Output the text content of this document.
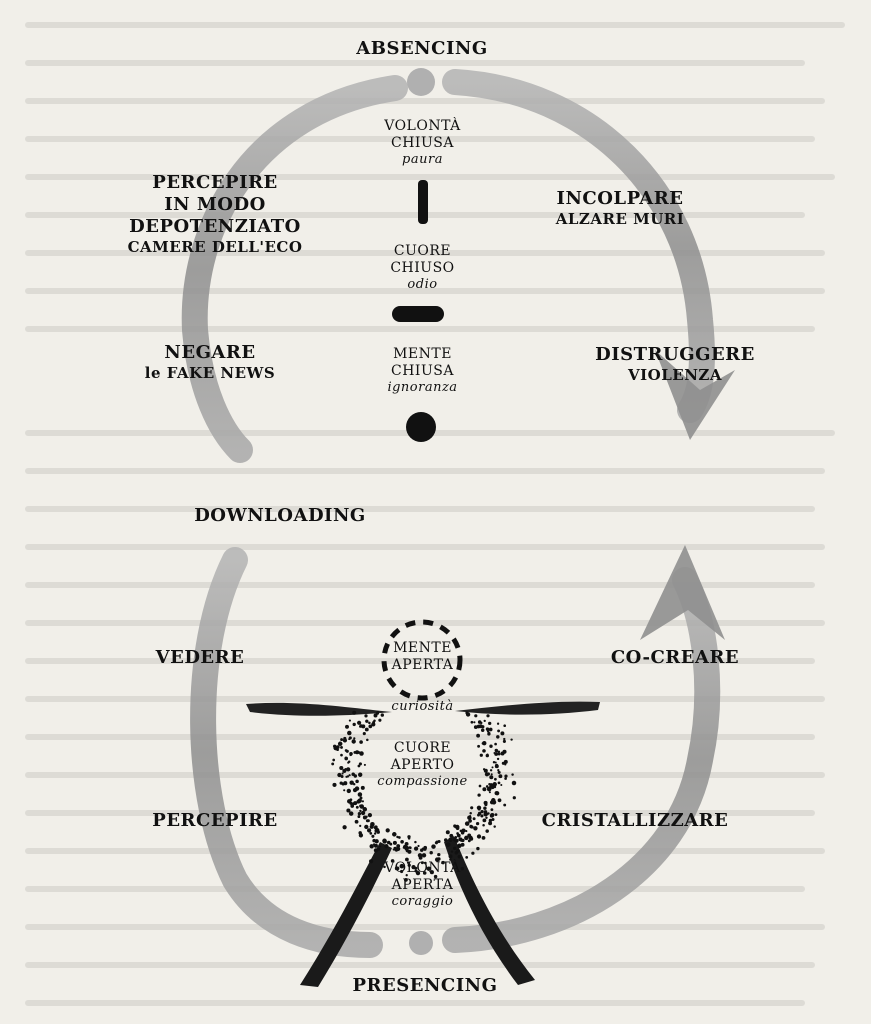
ABSENCING
PRESENCING
DOWNLOADING
PERCEPIRE
IN MODO
DEPOTENZIATO
CAMERE DELL'ECO
NEGARE
le FAKE NEWS
INCOLPARE
ALZARE MURI
DISTRUGGERE
VIOLENZA
VEDERE
PERCEPIRE
CO-CREARE
CRISTALLIZZARE
VOLONTÀ
CHIUSA
paura
CUORE
CHIUSO
odio
MENTE
CHIUSA
ignoranza
MENTE
APERTA
curiosità
CUORE
APERTO
compassione
VOLONTÀ
APERTA
coraggio
